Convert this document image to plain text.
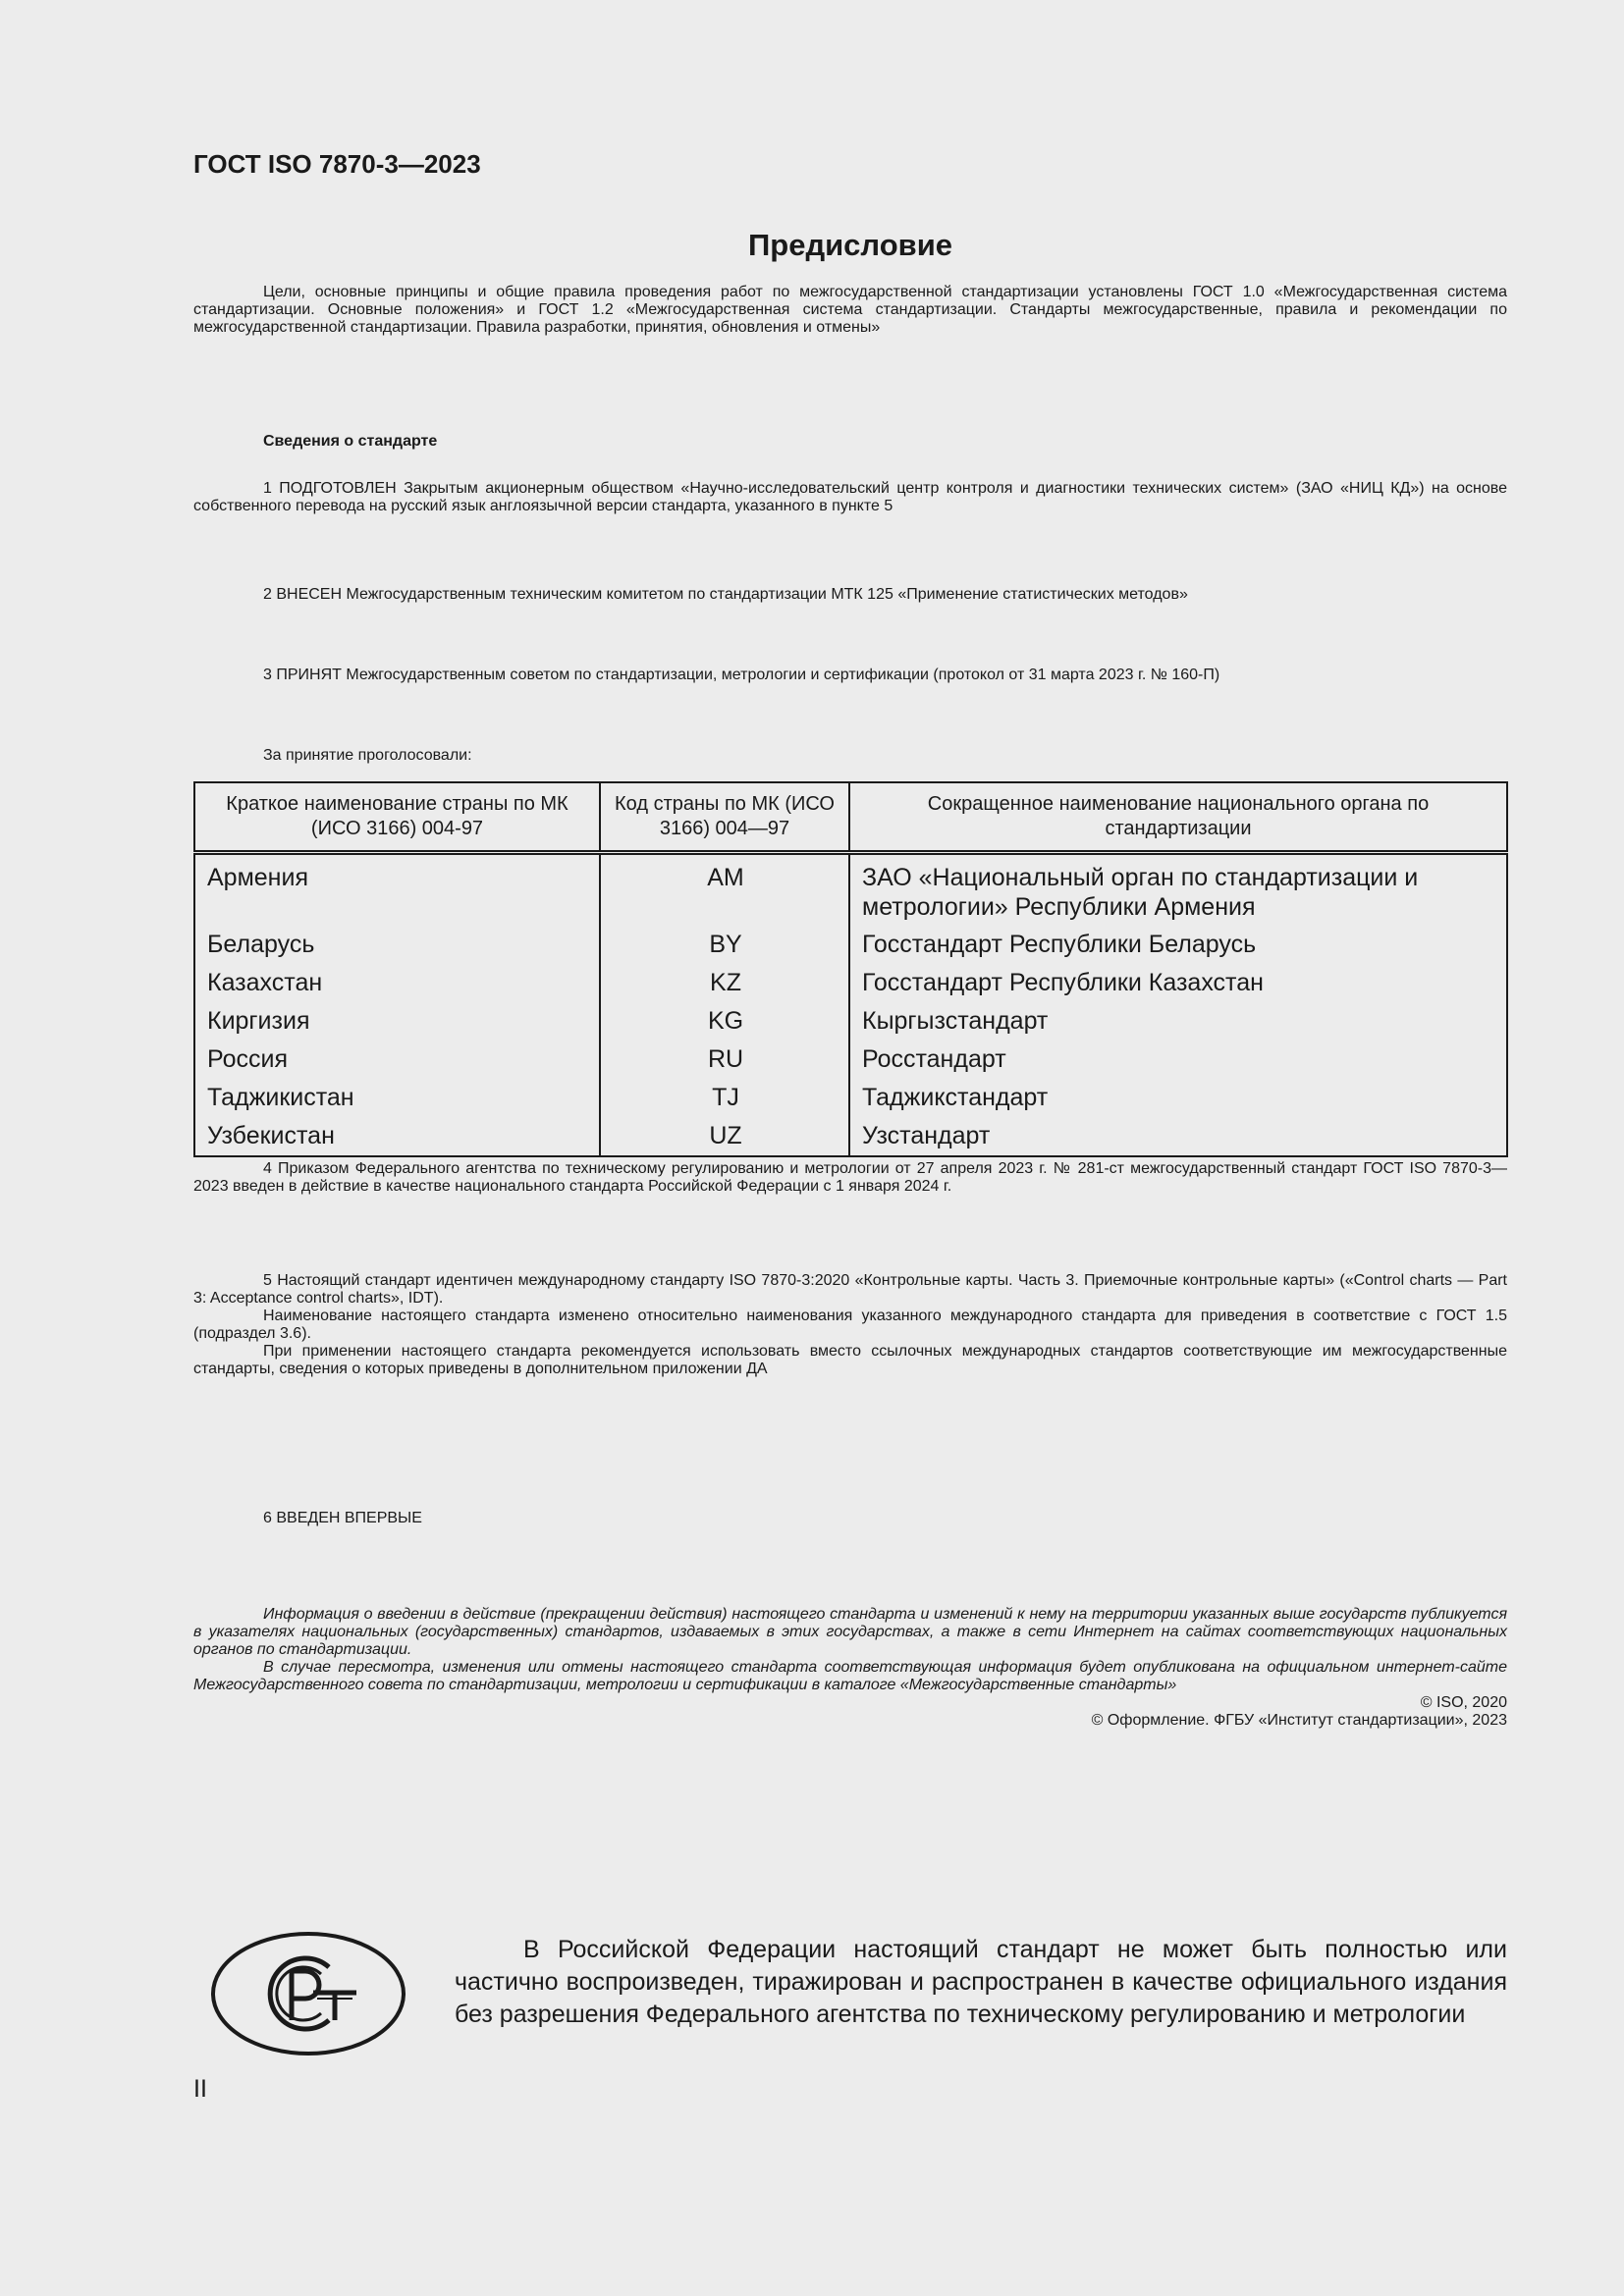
ГОСТ ISO 7870-3—2023
Предисловие

Цели, основные принципы и общие правила проведения работ по межгосударственной стандартизации установлены ГОСТ 1.0 «Межгосударственная система стандартизации. Основные положения» и ГОСТ 1.2 «Межгосударственная система стандартизации. Стандарты межгосударственные, правила и рекомендации по межгосударственной стандартизации. Правила разработки, принятия, обновления и отмены»

Сведения о стандарте

1 ПОДГОТОВЛЕН Закрытым акционерным обществом «Научно-исследовательский центр контроля и диагностики технических систем» (ЗАО «НИЦ КД») на основе собственного перевода на русский язык англоязычной версии стандарта, указанного в пункте 5

2 ВНЕСЕН Межгосударственным техническим комитетом по стандартизации МТК 125 «Применение статистических методов»

3 ПРИНЯТ Межгосударственным советом по стандартизации, метрологии и сертификации (протокол от 31 марта 2023 г. № 160-П)

За принятие проголосовали:

Краткое наименование страны по МК (ИСО 3166) 004-97	Код страны по МК (ИСО 3166) 004—97	Сокращенное наименование национального органа по стандартизации
Армения	AM	ЗАО «Национальный орган по стандартизации и метрологии» Республики Армения
Беларусь	BY	Госстандарт Республики Беларусь
Казахстан	KZ	Госстандарт Республики Казахстан
Киргизия	KG	Кыргызстандарт
Россия	RU	Росстандарт
Таджикистан	TJ	Таджикстандарт
Узбекистан	UZ	Узстандарт

4 Приказом Федерального агентства по техническому регулированию и метрологии от 27 апреля 2023 г. № 281-ст межгосударственный стандарт ГОСТ ISO 7870-3—2023 введен в действие в качестве национального стандарта Российской Федерации с 1 января 2024 г.

5 Настоящий стандарт идентичен международному стандарту ISO 7870-3:2020 «Контрольные карты. Часть 3. Приемочные контрольные карты» («Control charts — Part 3: Acceptance control charts», IDT).

Наименование настоящего стандарта изменено относительно наименования указанного международного стандарта для приведения в соответствие с ГОСТ 1.5 (подраздел 3.6).

При применении настоящего стандарта рекомендуется использовать вместо ссылочных международных стандартов соответствующие им межгосударственные стандарты, сведения о которых приведены в дополнительном приложении ДА

6 ВВЕДЕН ВПЕРВЫЕ

Информация о введении в действие (прекращении действия) настоящего стандарта и изменений к нему на территории указанных выше государств публикуется в указателях национальных (государственных) стандартов, издаваемых в этих государствах, а также в сети Интернет на сайтах соответствующих национальных органов по стандартизации.

В случае пересмотра, изменения или отмены настоящего стандарта соответствующая информация будет опубликована на официальном интернет-сайте Межгосударственного совета по стандартизации, метрологии и сертификации в каталоге «Межгосударственные стандарты»

© ISO, 2020
© Оформление. ФГБУ «Институт стандартизации», 2023

В Российской Федерации настоящий стандарт не может быть полностью или частично воспроизведен, тиражирован и распространен в качестве официального издания без разрешения Федерального агентства по техническому регулированию и метрологии

II
